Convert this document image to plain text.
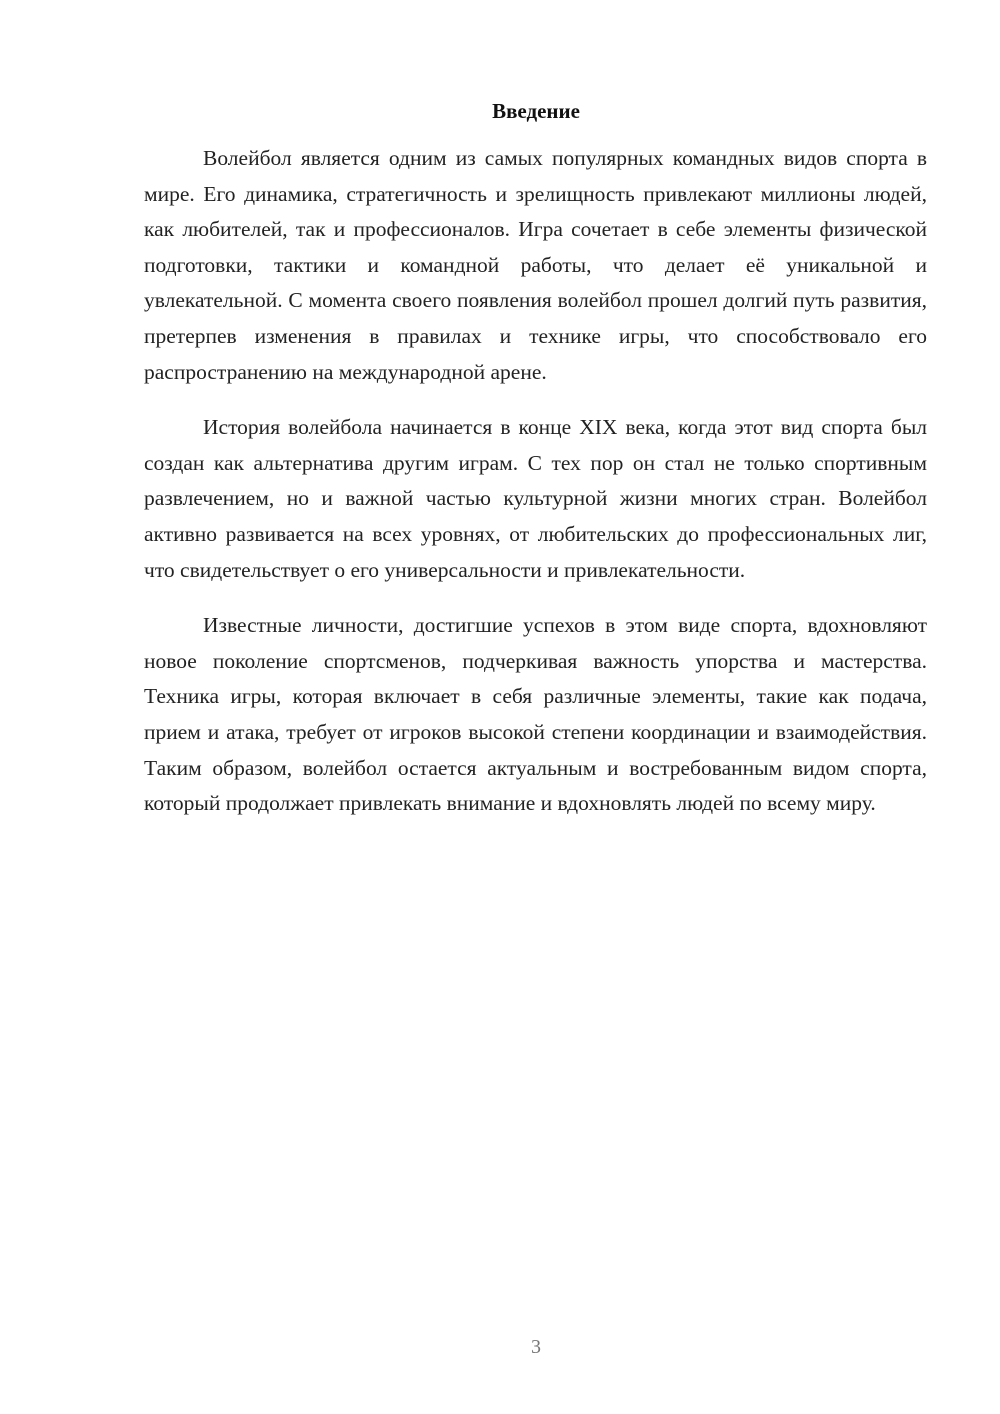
Введение

Волейбол является одним из самых популярных командных видов спорта в мире. Его динамика, стратегичность и зрелищность привлекают миллионы людей, как любителей, так и профессионалов. Игра сочетает в себе элементы физической подготовки, тактики и командной работы, что делает её уникальной и увлекательной. С момента своего появления волейбол прошел долгий путь развития, претерпев изменения в правилах и технике игры, что способствовало его распространению на международной арене.

История волейбола начинается в конце XIX века, когда этот вид спорта был создан как альтернатива другим играм. С тех пор он стал не только спортивным развлечением, но и важной частью культурной жизни многих стран. Волейбол активно развивается на всех уровнях, от любительских до профессиональных лиг, что свидетельствует о его универсальности и привлекательности.

Известные личности, достигшие успехов в этом виде спорта, вдохновляют новое поколение спортсменов, подчеркивая важность упорства и мастерства. Техника игры, которая включает в себя различные элементы, такие как подача, прием и атака, требует от игроков высокой степени координации и взаимодействия. Таким образом, волейбол остается актуальным и востребованным видом спорта, который продолжает привлекать внимание и вдохновлять людей по всему миру.

3
